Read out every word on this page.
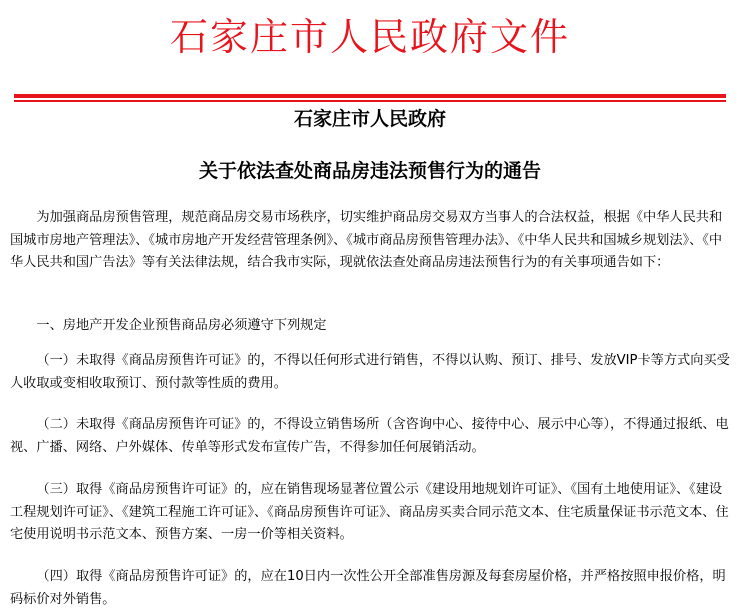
石家庄市人民政府文件
石家庄市人民政府
关于依法查处商品房违法预售行为的通告

为加强商品房预售管理，规范商品房交易市场秩序，切实维护商品房交易双方当事人的合法权益，根据《中华人民共和国城市房地产管理法》、《城市房地产开发经营管理条例》、《城市商品房预售管理办法》、《中华人民共和国城乡规划法》、《中华人民共和国广告法》等有关法律法规，结合我市实际，现就依法查处商品房违法预售行为的有关事项通告如下：

一、房地产开发企业预售商品房必须遵守下列规定

（一）未取得《商品房预售许可证》的，不得以任何形式进行销售，不得以认购、预订、排号、发放VIP卡等方式向买受人收取或变相收取预订、预付款等性质的费用。

（二）未取得《商品房预售许可证》的，不得设立销售场所（含咨询中心、接待中心、展示中心等），不得通过报纸、电视、广播、网络、户外媒体、传单等形式发布宣传广告，不得参加任何展销活动。

（三）取得《商品房预售许可证》的，应在销售现场显著位置公示《建设用地规划许可证》、《国有土地使用证》、《建设工程规划许可证》、《建筑工程施工许可证》、《商品房预售许可证》、商品房买卖合同示范文本、住宅质量保证书示范文本、住宅使用说明书示范文本、预售方案、一房一价等相关资料。

（四）取得《商品房预售许可证》的，应在10日内一次性公开全部准售房源及每套房屋价格，并严格按照申报价格，明码标价对外销售。
